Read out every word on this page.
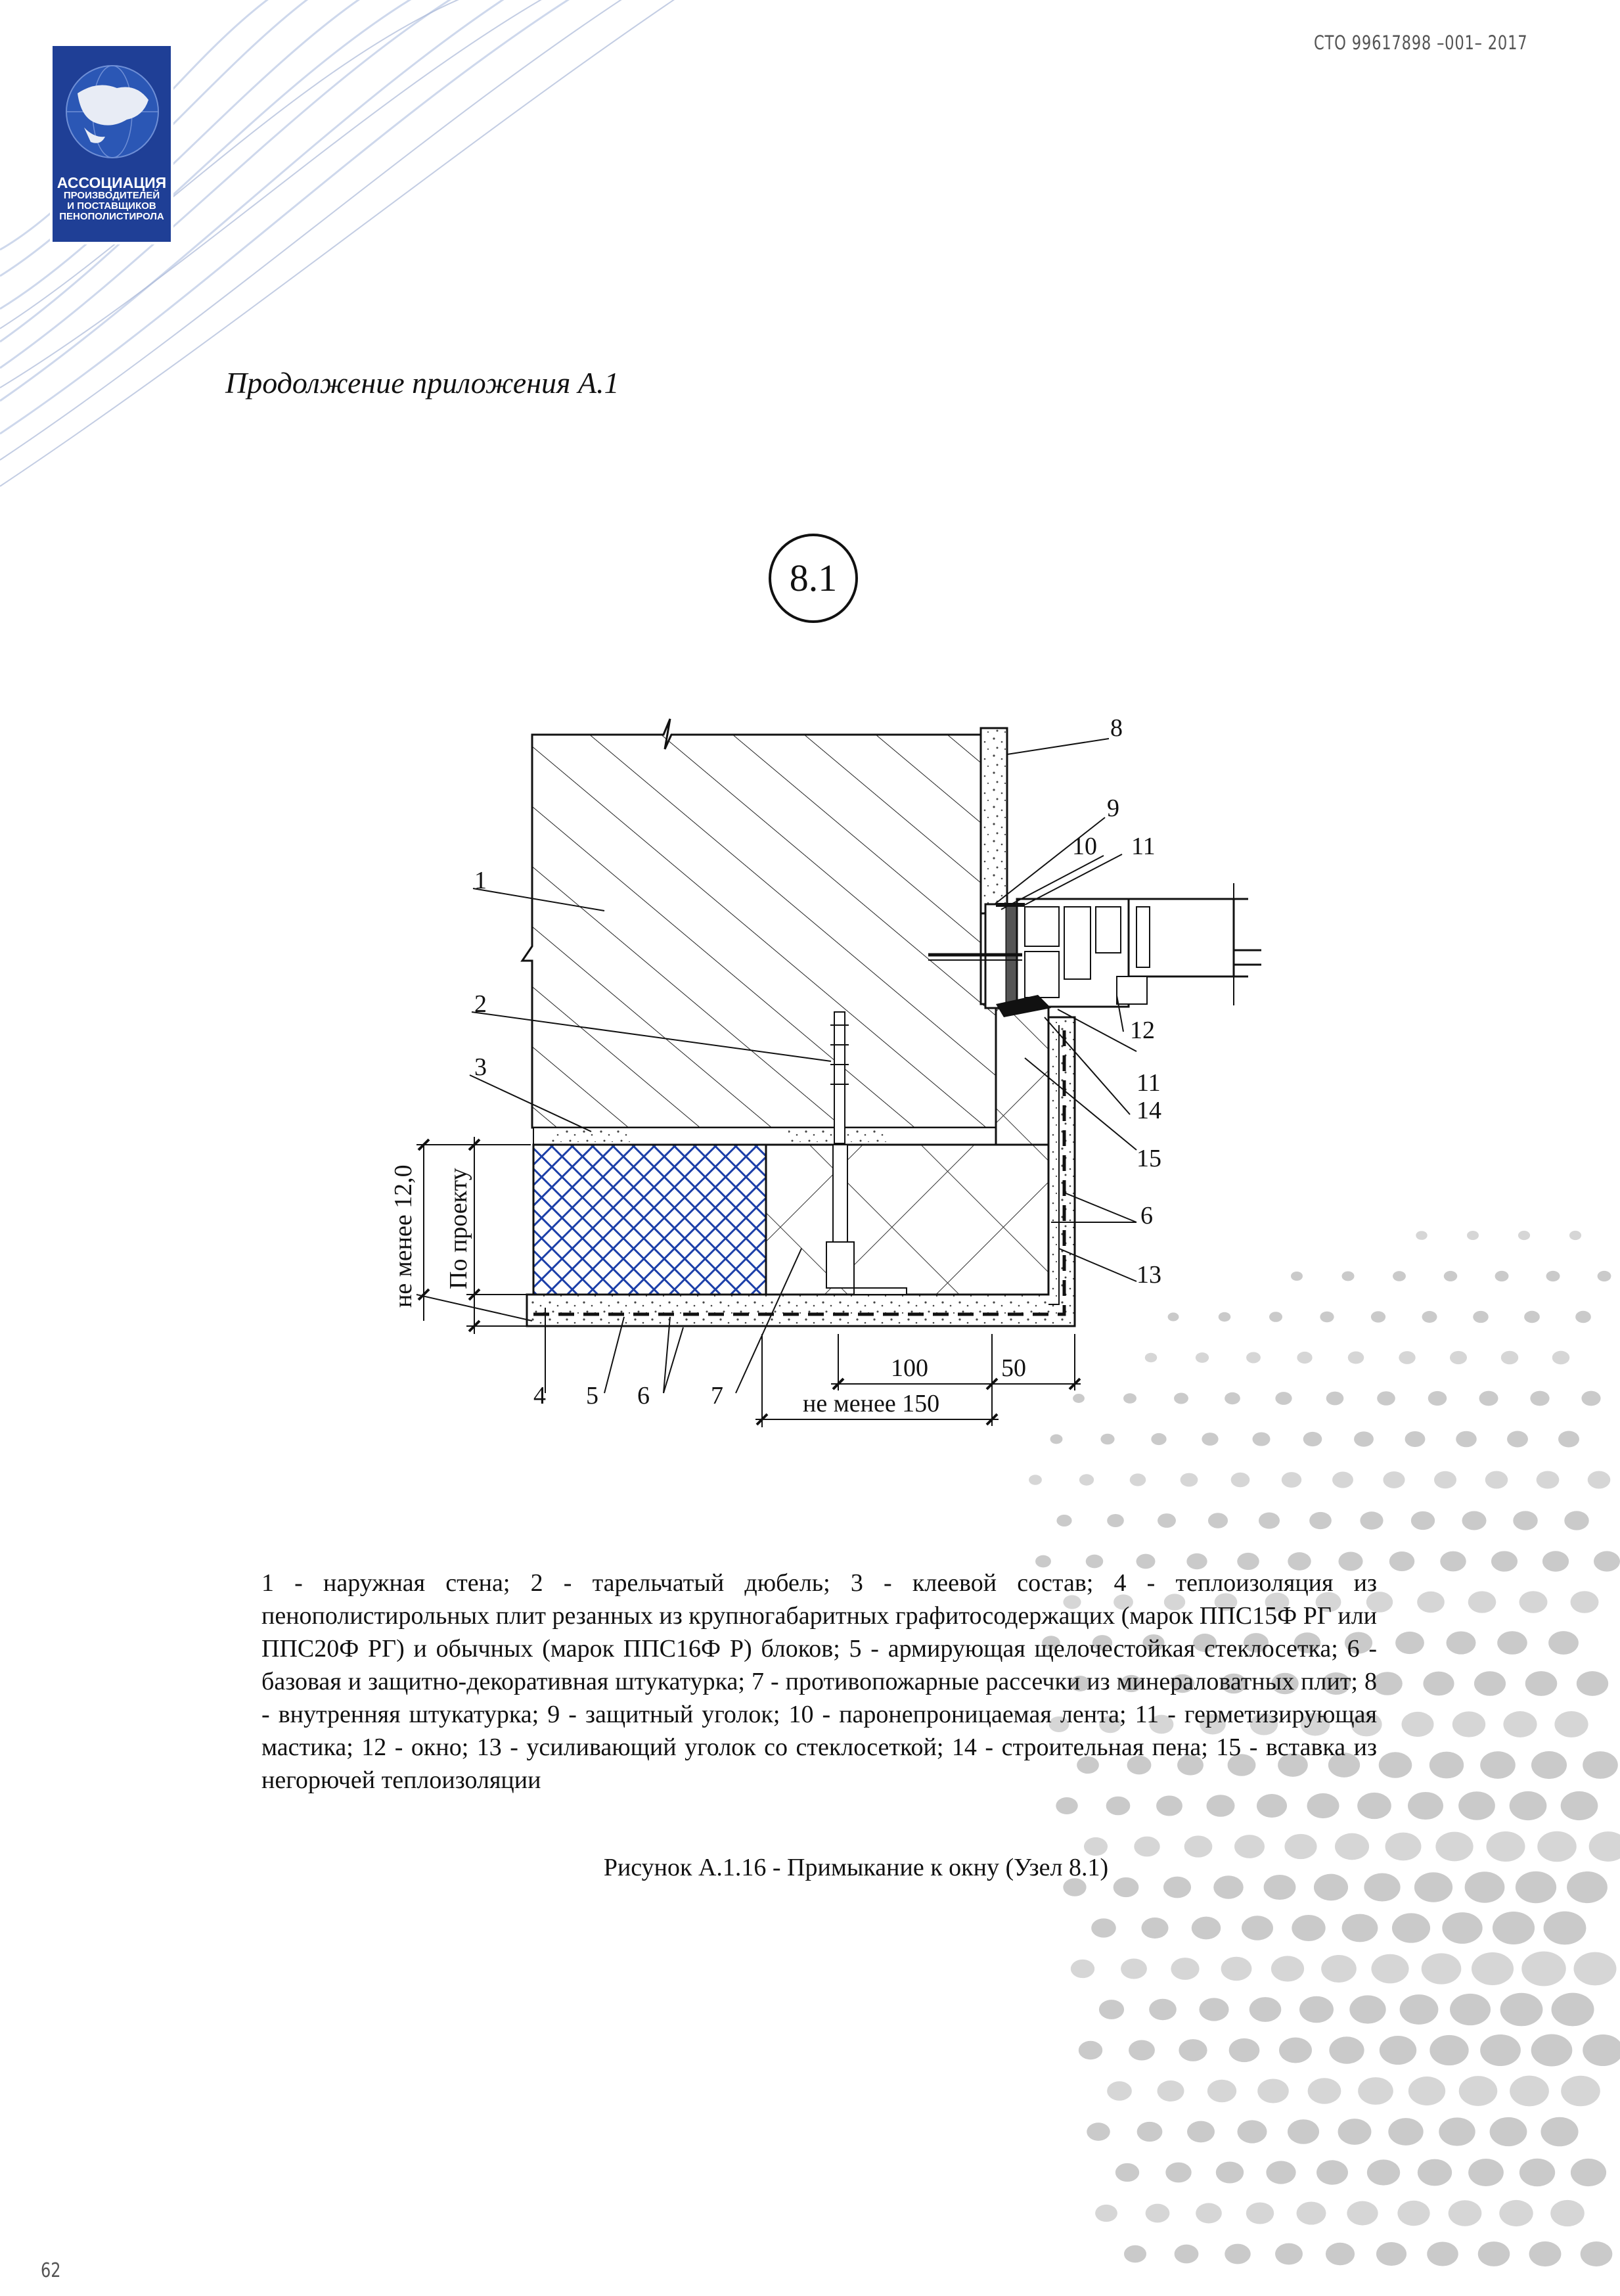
АССОЦИАЦИЯ
ПРОИЗВОДИТЕЛЕЙ
И ПОСТАВЩИКОВ
ПЕНОПОЛИСТИРОЛА
СТО 99617898 –001– 2017
Продолжение приложения А.1
8.1
1
2
3
4 5 6 7
8
9
10 11
12
11
14
15
6
13
100	50
не менее 150
не менее 12,0 По проекту
1 - наружная стена; 2 - тарельчатый дюбель; 3 - клеевой состав; 4 - теплоизоляция из пенополистирольных плит резанных из крупногабаритных графитосодержащих (марок ППС15Ф РГ или ППС20Ф РГ) и обычных (марок ППС16Ф Р) блоков; 5 - армирующая щелочестойкая стеклосетка; 6 - базовая и защитно-декоративная штукатурка; 7 - противопожарные рассечки из минераловатных плит; 8 - внутренняя штукатурка; 9 - защитный уголок; 10 - паронепроницаемая лента; 11 - герметизирующая мастика; 12 - окно; 13 - усиливающий уголок со стеклосеткой; 14 - строительная пена; 15 - вставка из негорючей теплоизоляции
Рисунок А.1.16 - Примыкание к окну (Узел 8.1)
62
